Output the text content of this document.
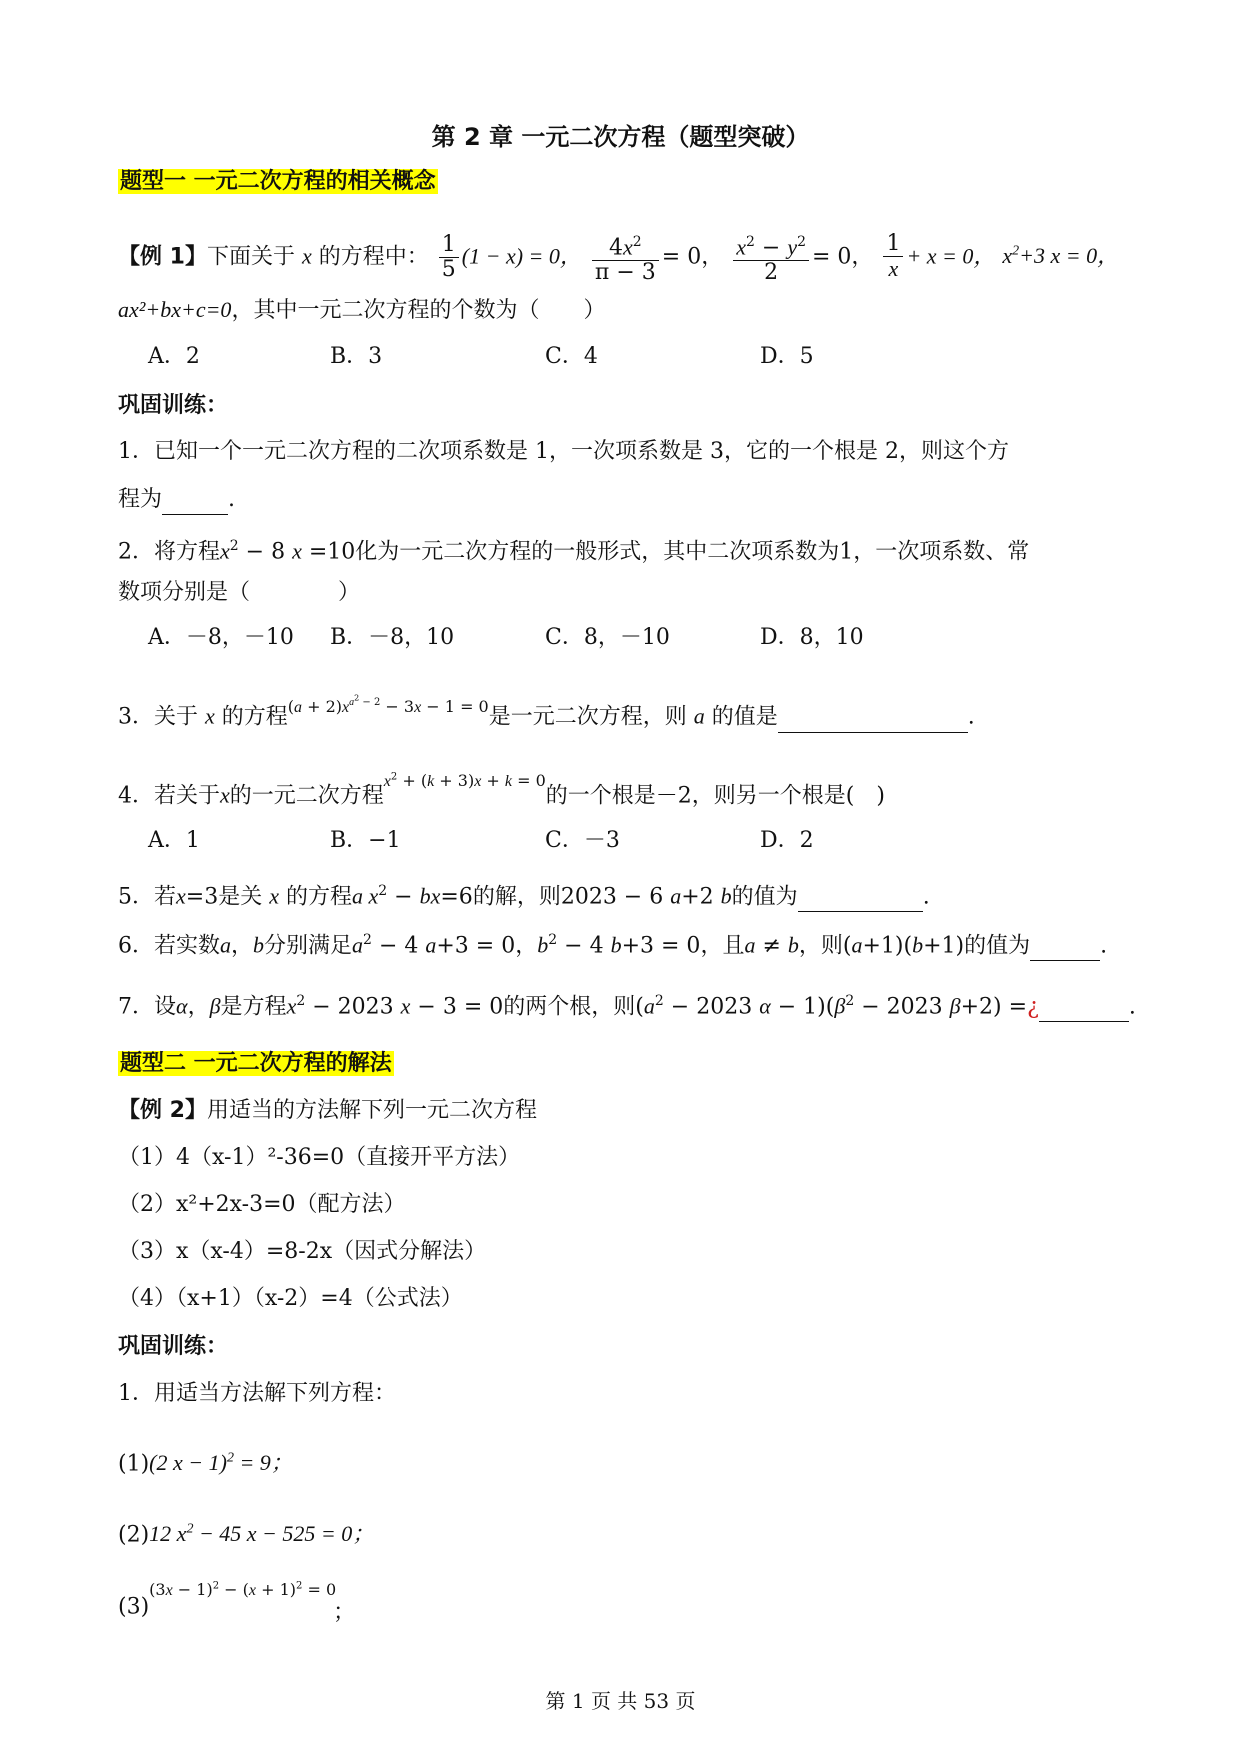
第 2 章 一元二次方程（题型突破）
题型一 一元二次方程的相关概念
【例 1】下面关于 x 的方程中： $\frac{1}{5} (1 - x) = 0$， $\frac{4x^2}{\pi - 3} = 0$， $\frac{x^2 - y^2}{2} = 0$， $\frac{1}{x} + x = 0$， $x^2+3$ x = 0，
ax²+bx+c=0，其中一元二次方程的个数为（　　）
A．2	B．3	C．4	D．5
巩固训练：
1．已知一个一元二次方程的二次项系数是 1，一次项系数是 3，它的一个根是 2，则这个方
程为	.
2．将方程$x^2 - 8$ x =10化为一元二次方程的一般形式，其中二次项系数为1，一次项系数、常
数项分别是（　　　　）
A．－8，－10 B．－8，10	C．8，－10	D．8，10
3．关于 x 的方程$^{(a + 2)x^{a^2 - 2} - 3x - 1 = 0}$是一元二次方程，则 a 的值是	.
4．若关于x的一元二次方程$^{x^2 + (k + 3)x + k = 0}$的一个根是－2，则另一个根是(　)
A．1	B．−1	C．－3	D．2
5．若x=3是关 x 的方程a $x^2 - bx=6$的解，则2023 − 6 a+2 b的值为	.
6．若实数a，b分别满足$a^2 - 4$ a+3 = 0，$b^2 - 4$ b+3 = 0，且a ≠ b，则(a+1)(b+1)的值为	.
7．设α，β是方程$x^2 - 2023$ x − 3 = 0的两个根，则($a^2 - 2023$ $\alpha - 1)(\beta^2 - 2023$ β+2) =¿	.
题型二 一元二次方程的解法
【例 2】用适当的方法解下列一元二次方程
（1）4（x-1）²-36=0（直接开平方法）
（2）x²+2x-3=0（配方法）
（3）x（x-4）=8-2x（因式分解法）
（4）（x+1）（x-2）=4（公式法）
巩固训练：
1．用适当方法解下列方程：
(1)(2 x − 1)$^2$ = 9；
(2)12 $x^2 - 45$ x − 525 = 0；
$(3)^{(3x - 1)^2 - (x + 1)^2 = 0}$ ；
第 1 页 共 53 页
